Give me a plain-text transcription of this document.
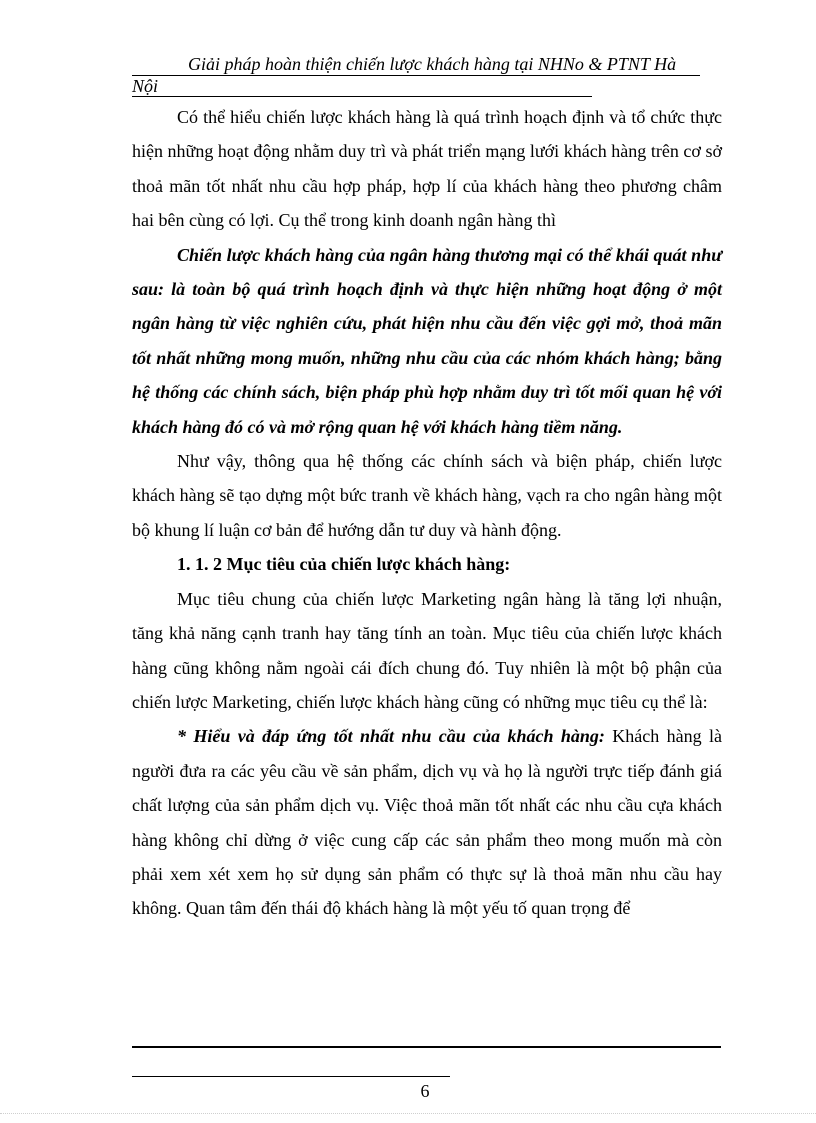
Giải pháp hoàn thiện chiến lược khách hàng tại NHNo & PTNT Hà
Nội

Có thể hiểu chiến lược khách hàng là quá trình hoạch định và tổ chức thực hiện những hoạt động nhằm duy trì và phát triển mạng lưới khách hàng trên cơ sở thoả mãn tốt nhất nhu cầu hợp pháp, hợp lí của khách hàng theo phương châm hai bên cùng có lợi. Cụ thể trong kinh doanh ngân hàng thì

Chiến lược khách hàng của ngân hàng thương mại có thể khái quát như sau: là toàn bộ quá trình hoạch định và thực hiện những hoạt động ở một ngân hàng từ việc nghiên cứu, phát hiện nhu cầu đến việc gợi mở, thoả mãn tốt nhất những mong muốn, những nhu cầu của các nhóm khách hàng; bằng hệ thống các chính sách, biện pháp phù hợp nhằm duy trì tốt mối quan hệ với khách hàng đó có và mở rộng quan hệ với khách hàng tiềm năng.

Như vậy, thông qua hệ thống các chính sách và biện pháp, chiến lược khách hàng sẽ tạo dựng một bức tranh về khách hàng, vạch ra cho ngân hàng một bộ khung lí luận cơ bản để hướng dẫn tư duy và hành động.

1. 1. 2 Mục tiêu của chiến lược khách hàng:

Mục tiêu chung của chiến lược Marketing ngân hàng là tăng lợi nhuận, tăng khả năng cạnh tranh hay tăng tính an toàn. Mục tiêu của chiến lược khách hàng cũng không nằm ngoài cái đích chung đó. Tuy nhiên là một bộ phận của chiến lược Marketing, chiến lược khách hàng cũng có những mục tiêu cụ thể là:

* Hiểu và đáp ứng tốt nhất nhu cầu của khách hàng: Khách hàng là người đưa ra các yêu cầu về sản phẩm, dịch vụ và họ là người trực tiếp đánh giá chất lượng của sản phẩm dịch vụ. Việc thoả mãn tốt nhất các nhu cầu cựa khách hàng không chỉ dừng ở việc cung cấp các sản phẩm theo mong muốn mà còn phải xem xét xem họ sử dụng sản phẩm có thực sự là thoả mãn nhu cầu hay không. Quan tâm đến thái độ khách hàng là một yếu tố quan trọng để

6
